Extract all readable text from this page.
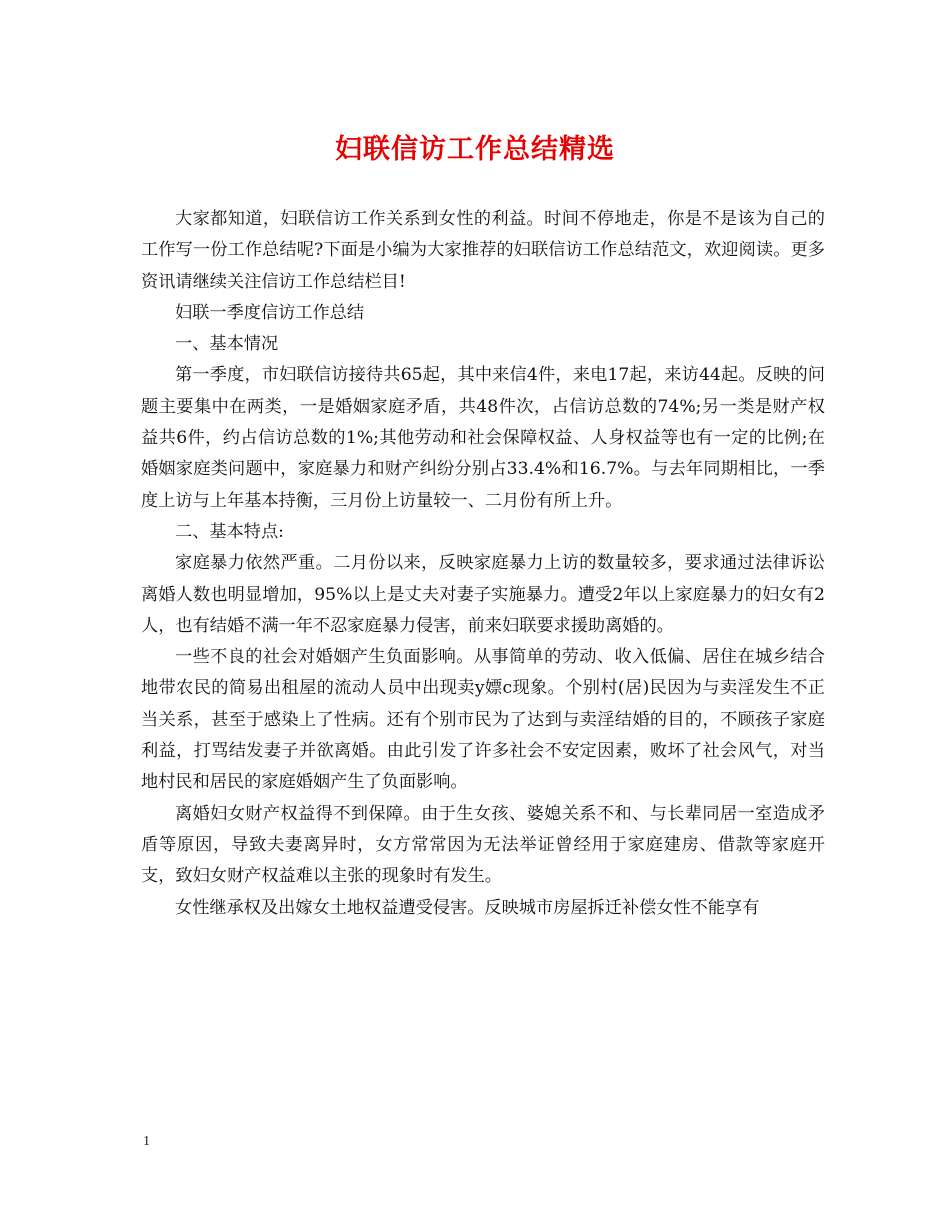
妇联信访工作总结精选

大家都知道，妇联信访工作关系到女性的利益。时间不停地走，你是不是该为自己的工作写一份工作总结呢?下面是小编为大家推荐的妇联信访工作总结范文，欢迎阅读。更多资讯请继续关注信访工作总结栏目!

妇联一季度信访工作总结

一、基本情况

第一季度，市妇联信访接待共65起，其中来信4件，来电17起，来访44起。反映的问题主要集中在两类，一是婚姻家庭矛盾，共48件次，占信访总数的74%;另一类是财产权益共6件，约占信访总数的1%;其他劳动和社会保障权益、人身权益等也有一定的比例;在婚姻家庭类问题中，家庭暴力和财产纠纷分别占33.4%和16.7%。与去年同期相比，一季度上访与上年基本持衡，三月份上访量较一、二月份有所上升。

二、基本特点:

家庭暴力依然严重。二月份以来，反映家庭暴力上访的数量较多，要求通过法律诉讼离婚人数也明显增加，95%以上是丈夫对妻子实施暴力。遭受2年以上家庭暴力的妇女有2人，也有结婚不满一年不忍家庭暴力侵害，前来妇联要求援助离婚的。

一些不良的社会对婚姻产生负面影响。从事简单的劳动、收入低偏、居住在城乡结合地带农民的简易出租屋的流动人员中出现卖y嫖c现象。个别村(居)民因为与卖淫发生不正当关系，甚至于感染上了性病。还有个别市民为了达到与卖淫结婚的目的，不顾孩子家庭利益，打骂结发妻子并欲离婚。由此引发了许多社会不安定因素，败坏了社会风气，对当地村民和居民的家庭婚姻产生了负面影响。

离婚妇女财产权益得不到保障。由于生女孩、婆媳关系不和、与长辈同居一室造成矛盾等原因，导致夫妻离异时，女方常常因为无法举证曾经用于家庭建房、借款等家庭开支，致妇女财产权益难以主张的现象时有发生。

女性继承权及出嫁女土地权益遭受侵害。反映城市房屋拆迁补偿女性不能享有

1
